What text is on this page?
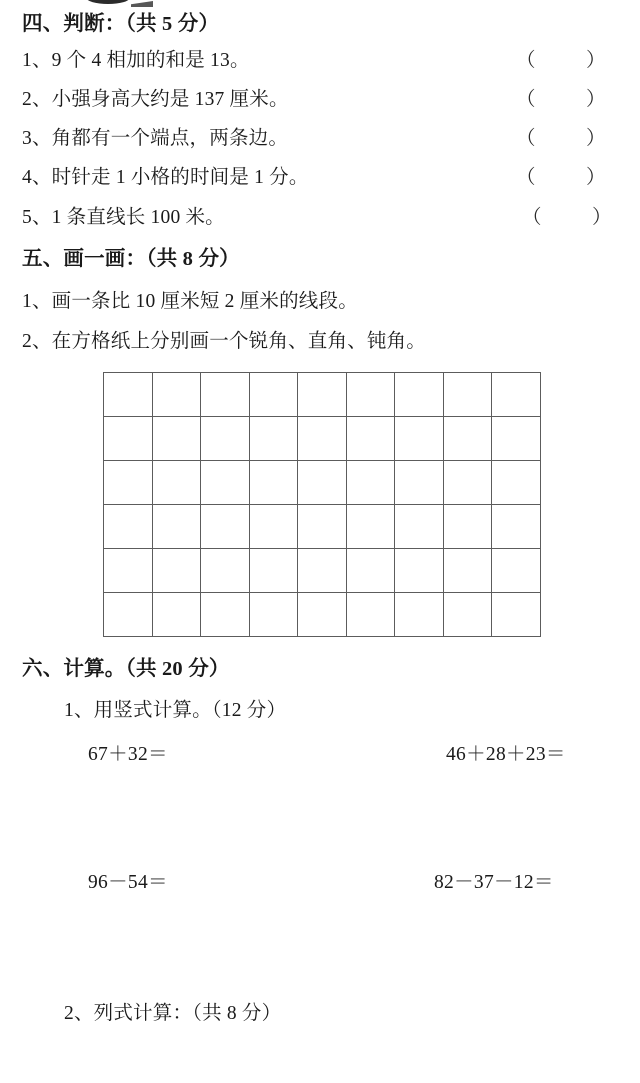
四、判断：（共 5 分）
1、9 个 4 相加的和是 13。	（	）
2、小强身高大约是 137 厘米。	（	）
3、角都有一个端点，两条边。	（	）
4、时针走 1 小格的时间是 1 分。	（	）
5、1 条直线长 100 米。	（	）
五、画一画：（共 8 分）
1、画一条比 10 厘米短 2 厘米的线段。
2、在方格纸上分别画一个锐角、直角、钝角。
六、计算。（共 20 分）
1、用竖式计算。（12 分）
67＋32＝	46＋28＋23＝
96－54＝	82－37－12＝
2、列式计算：（共 8 分）
